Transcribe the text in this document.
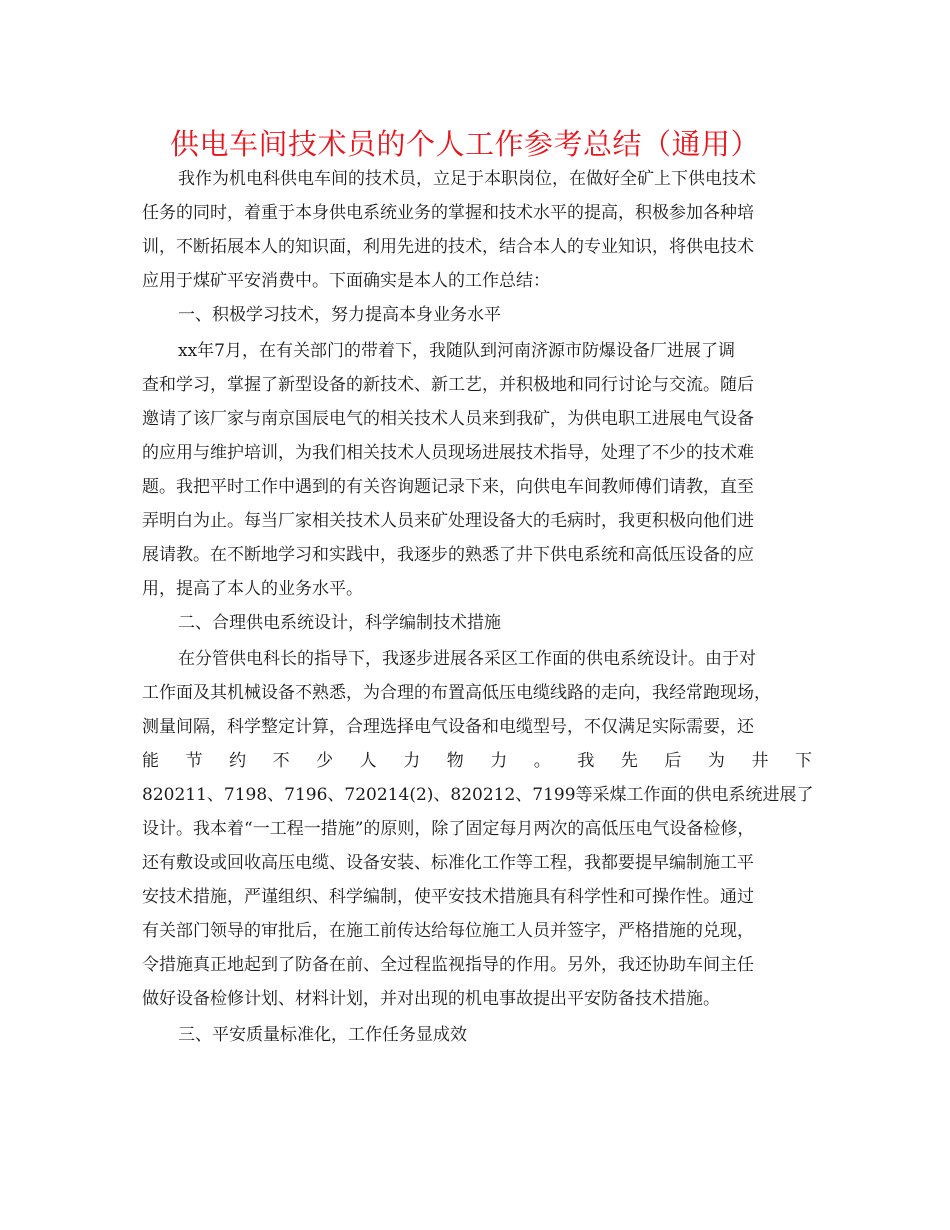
供电车间技术员的个人工作参考总结（通用）
我作为机电科供电车间的技术员，立足于本职岗位，在做好全矿上下供电技术
任务的同时，着重于本身供电系统业务的掌握和技术水平的提高，积极参加各种培
训，不断拓展本人的知识面，利用先进的技术，结合本人的专业知识，将供电技术
应用于煤矿平安消费中。下面确实是本人的工作总结：
一、积极学习技术，努力提高本身业务水平
xx年7月，在有关部门的带着下，我随队到河南济源市防爆设备厂进展了调
查和学习，掌握了新型设备的新技术、新工艺，并积极地和同行讨论与交流。随后
邀请了该厂家与南京国辰电气的相关技术人员来到我矿，为供电职工进展电气设备
的应用与维护培训，为我们相关技术人员现场进展技术指导，处理了不少的技术难
题。我把平时工作中遇到的有关咨询题记录下来，向供电车间教师傅们请教，直至
弄明白为止。每当厂家相关技术人员来矿处理设备大的毛病时，我更积极向他们进
展请教。在不断地学习和实践中，我逐步的熟悉了井下供电系统和高低压设备的应
用，提高了本人的业务水平。
二、合理供电系统设计，科学编制技术措施
在分管供电科长的指导下，我逐步进展各采区工作面的供电系统设计。由于对
工作面及其机械设备不熟悉，为合理的布置高低压电缆线路的走向，我经常跑现场，
测量间隔，科学整定计算，合理选择电气设备和电缆型号，不仅满足实际需要，还
能节约不少人力物力。我先后为井下
820211、7198、7196、720214(2)、820212、7199等采煤工作面的供电系统进展了
设计。我本着“一工程一措施”的原则，除了固定每月两次的高低压电气设备检修，
还有敷设或回收高压电缆、设备安装、标准化工作等工程，我都要提早编制施工平
安技术措施，严谨组织、科学编制，使平安技术措施具有科学性和可操作性。通过
有关部门领导的审批后，在施工前传达给每位施工人员并签字，严格措施的兑现，
令措施真正地起到了防备在前、全过程监视指导的作用。另外，我还协助车间主任
做好设备检修计划、材料计划，并对出现的机电事故提出平安防备技术措施。
三、平安质量标准化，工作任务显成效
